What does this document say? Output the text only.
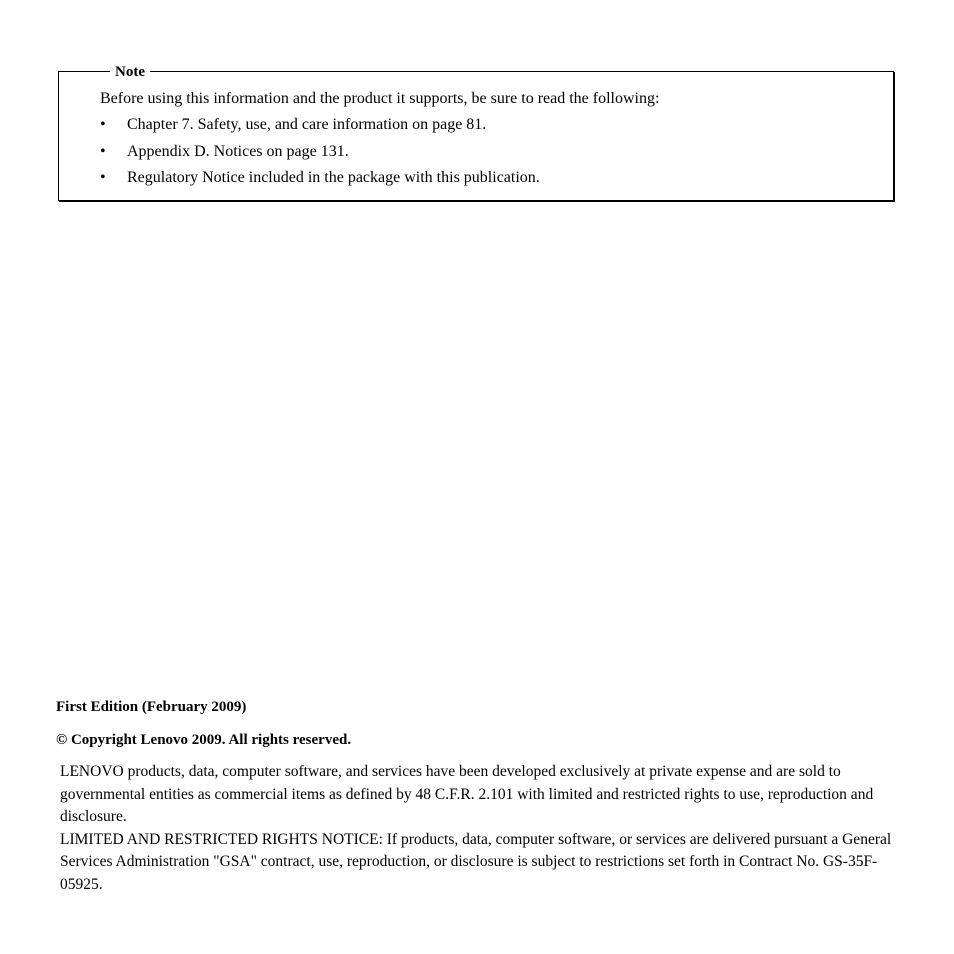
Note
Before using this information and the product it supports, be sure to read the following:
• Chapter 7. Safety, use, and care information on page 81.
• Appendix D. Notices on page 131.
• Regulatory Notice included in the package with this publication.
First Edition (February 2009)
© Copyright Lenovo 2009. All rights reserved.

LENOVO products, data, computer software, and services have been developed exclusively at private expense and are sold to governmental entities as commercial items as defined by 48 C.F.R. 2.101 with limited and restricted rights to use, reproduction and disclosure.

LIMITED AND RESTRICTED RIGHTS NOTICE: If products, data, computer software, or services are delivered pursuant a General Services Administration "GSA" contract, use, reproduction, or disclosure is subject to restrictions set forth in Contract No. GS-35F-05925.
